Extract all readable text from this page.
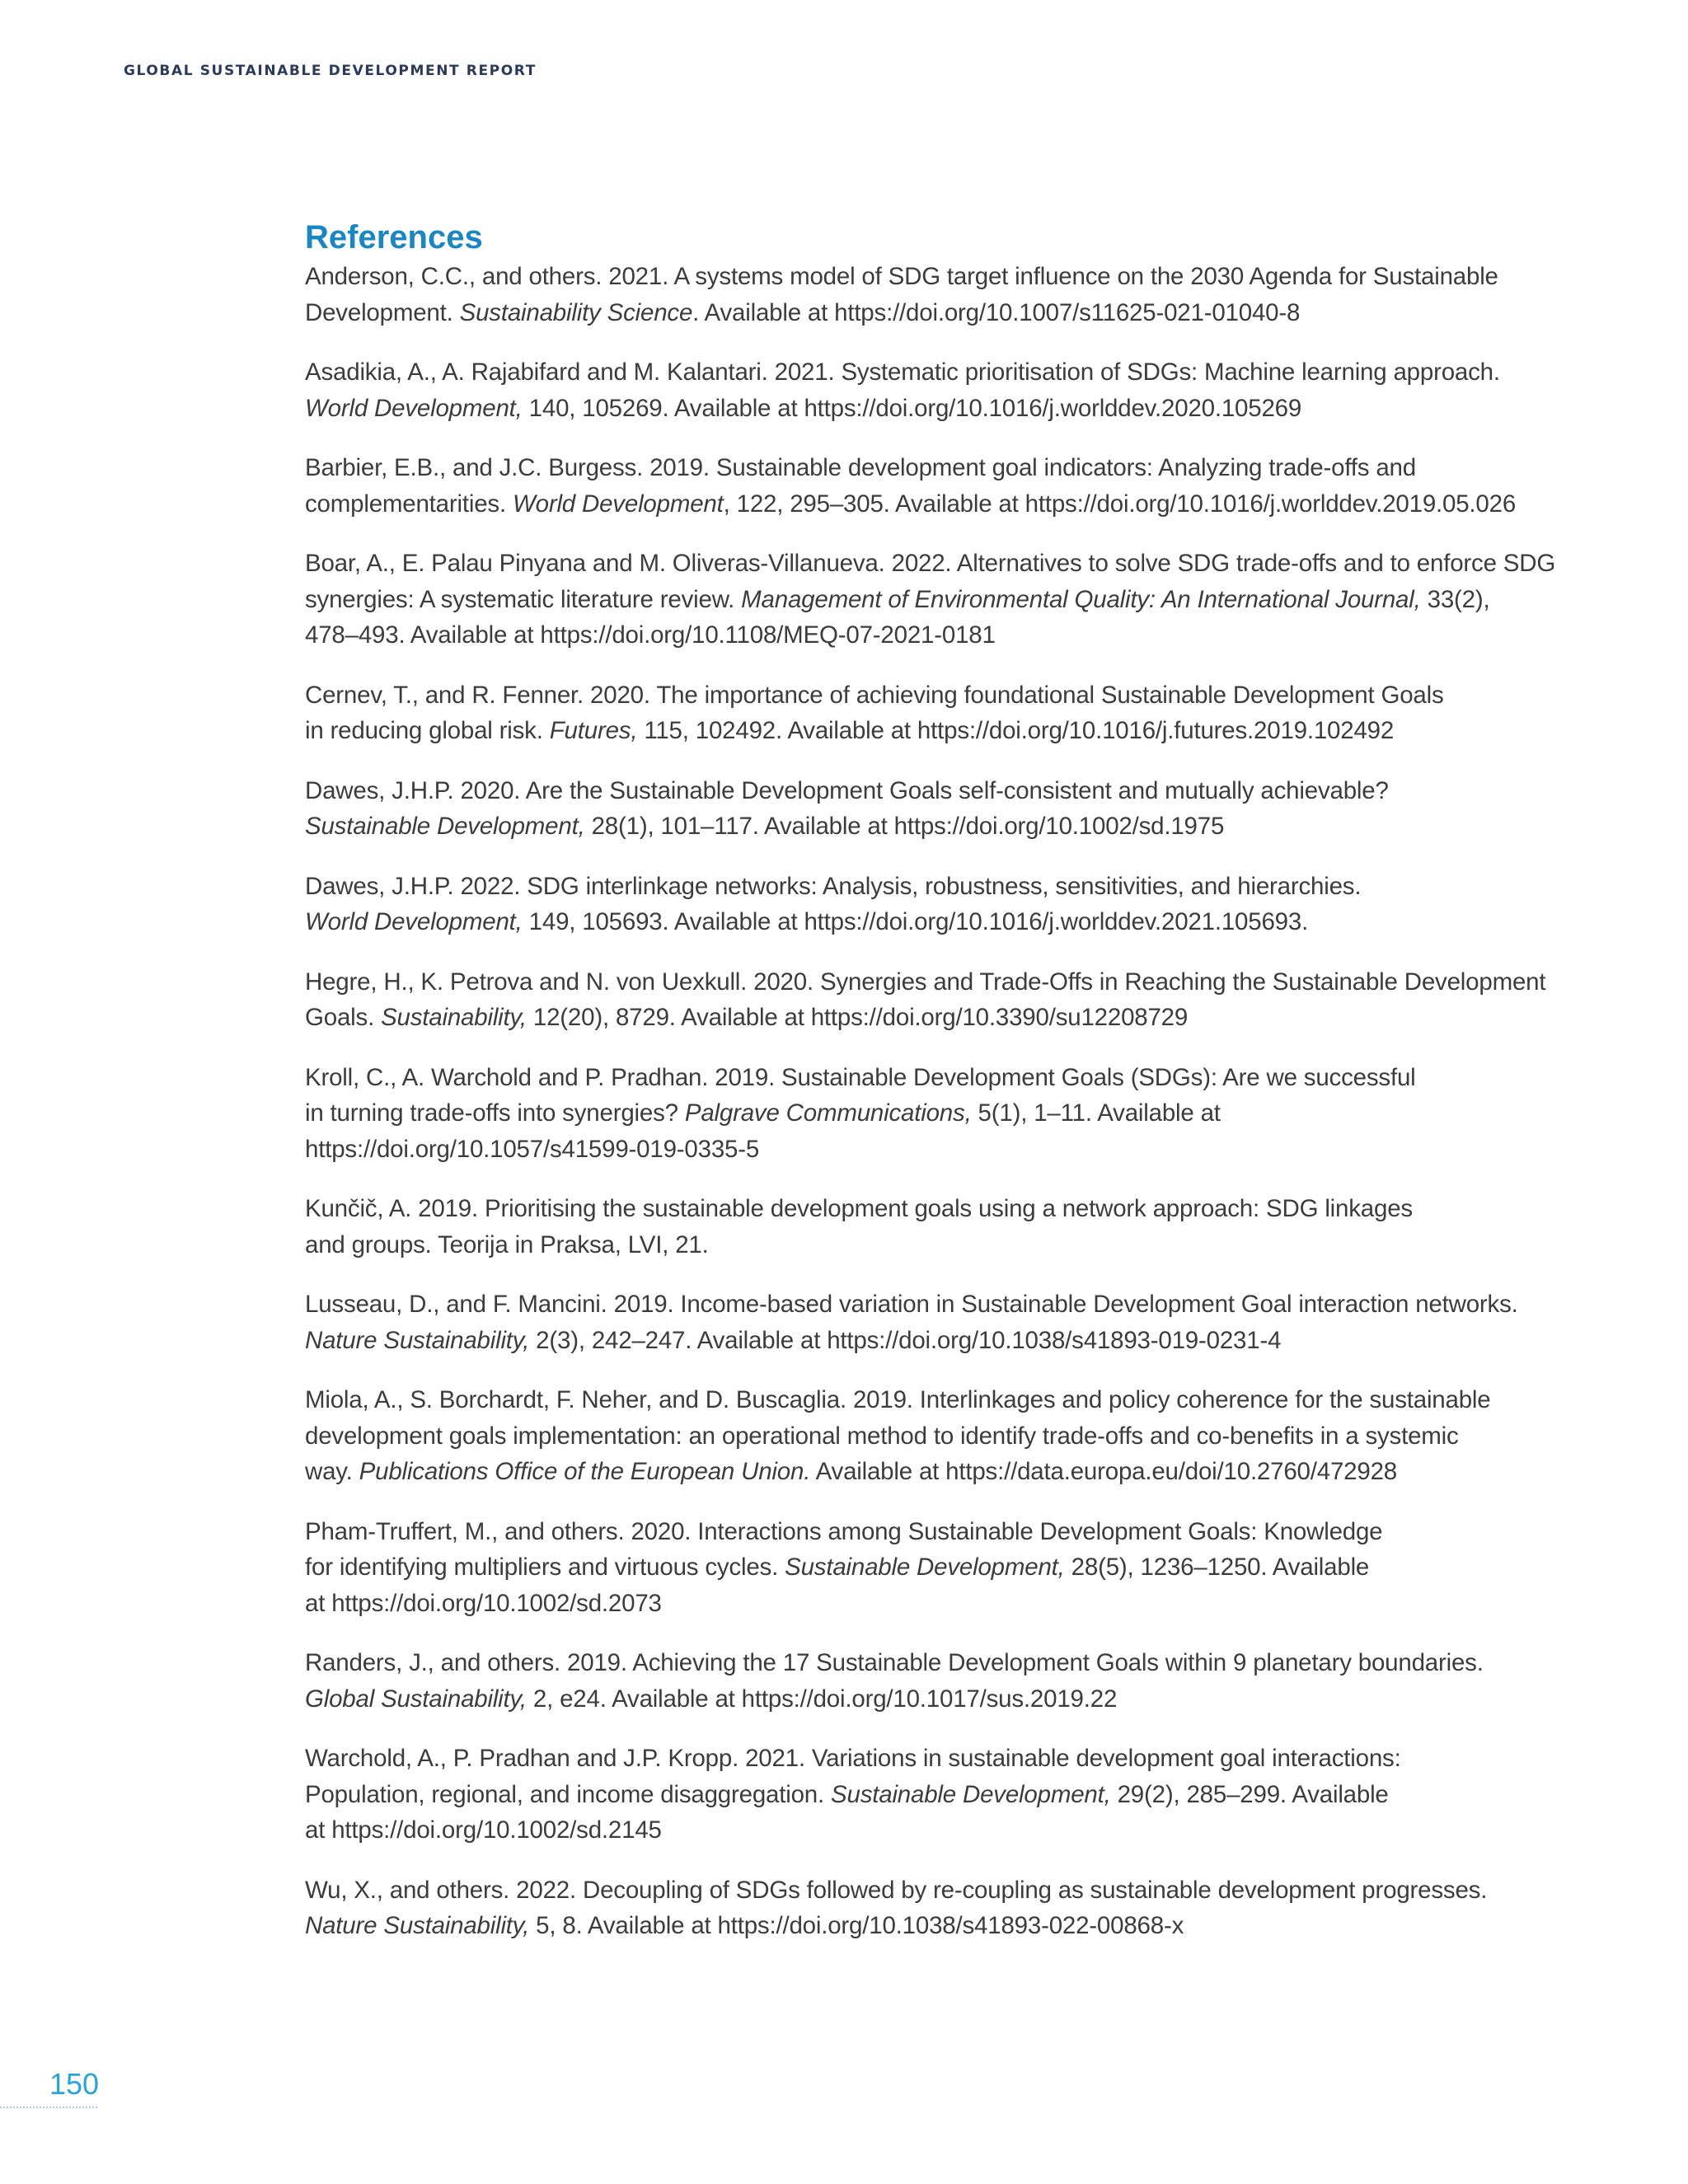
GLOBAL SUSTAINABLE DEVELOPMENT REPORT
References
Anderson, C.C., and others. 2021. A systems model of SDG target influence on the 2030 Agenda for Sustainable
Development. Sustainability Science. Available at https://doi.org/10.1007/s11625-021-01040-8
Asadikia, A., A. Rajabifard and M. Kalantari. 2021. Systematic prioritisation of SDGs: Machine learning approach.
World Development, 140, 105269. Available at https://doi.org/10.1016/j.worlddev.2020.105269
Barbier, E.B., and J.C. Burgess. 2019. Sustainable development goal indicators: Analyzing trade-offs and
complementarities. World Development, 122, 295–305. Available at https://doi.org/10.1016/j.worlddev.2019.05.026
Boar, A., E. Palau Pinyana and M. Oliveras-Villanueva. 2022. Alternatives to solve SDG trade-offs and to enforce SDG
synergies: A systematic literature review. Management of Environmental Quality: An International Journal, 33(2),
478–493. Available at https://doi.org/10.1108/MEQ-07-2021-0181
Cernev, T., and R. Fenner. 2020. The importance of achieving foundational Sustainable Development Goals
in reducing global risk. Futures, 115, 102492. Available at https://doi.org/10.1016/j.futures.2019.102492
Dawes, J.H.P. 2020. Are the Sustainable Development Goals self-consistent and mutually achievable?
Sustainable Development, 28(1), 101–117. Available at https://doi.org/10.1002/sd.1975
Dawes, J.H.P. 2022. SDG interlinkage networks: Analysis, robustness, sensitivities, and hierarchies.
World Development, 149, 105693. Available at https://doi.org/10.1016/j.worlddev.2021.105693.
Hegre, H., K. Petrova and N. von Uexkull. 2020. Synergies and Trade-Offs in Reaching the Sustainable Development
Goals. Sustainability, 12(20), 8729. Available at https://doi.org/10.3390/su12208729
Kroll, C., A. Warchold and P. Pradhan. 2019. Sustainable Development Goals (SDGs): Are we successful
in turning trade-offs into synergies? Palgrave Communications, 5(1), 1–11. Available at
https://doi.org/10.1057/s41599-019-0335-5
Kunčič, A. 2019. Prioritising the sustainable development goals using a network approach: SDG linkages
and groups. Teorija in Praksa, LVI, 21.
Lusseau, D., and F. Mancini. 2019. Income-based variation in Sustainable Development Goal interaction networks.
Nature Sustainability, 2(3), 242–247. Available at https://doi.org/10.1038/s41893-019-0231-4
Miola, A., S. Borchardt, F. Neher, and D. Buscaglia. 2019. Interlinkages and policy coherence for the sustainable
development goals implementation: an operational method to identify trade-offs and co-benefits in a systemic
way. Publications Office of the European Union. Available at https://data.europa.eu/doi/10.2760/472928
Pham-Truffert, M., and others. 2020. Interactions among Sustainable Development Goals: Knowledge
for identifying multipliers and virtuous cycles. Sustainable Development, 28(5), 1236–1250. Available
at https://doi.org/10.1002/sd.2073
Randers, J., and others. 2019. Achieving the 17 Sustainable Development Goals within 9 planetary boundaries.
Global Sustainability, 2, e24. Available at https://doi.org/10.1017/sus.2019.22
Warchold, A., P. Pradhan and J.P. Kropp. 2021. Variations in sustainable development goal interactions:
Population, regional, and income disaggregation. Sustainable Development, 29(2), 285–299. Available
at https://doi.org/10.1002/sd.2145
Wu, X., and others. 2022. Decoupling of SDGs followed by re-coupling as sustainable development progresses.
Nature Sustainability, 5, 8. Available at https://doi.org/10.1038/s41893-022-00868-x
150
